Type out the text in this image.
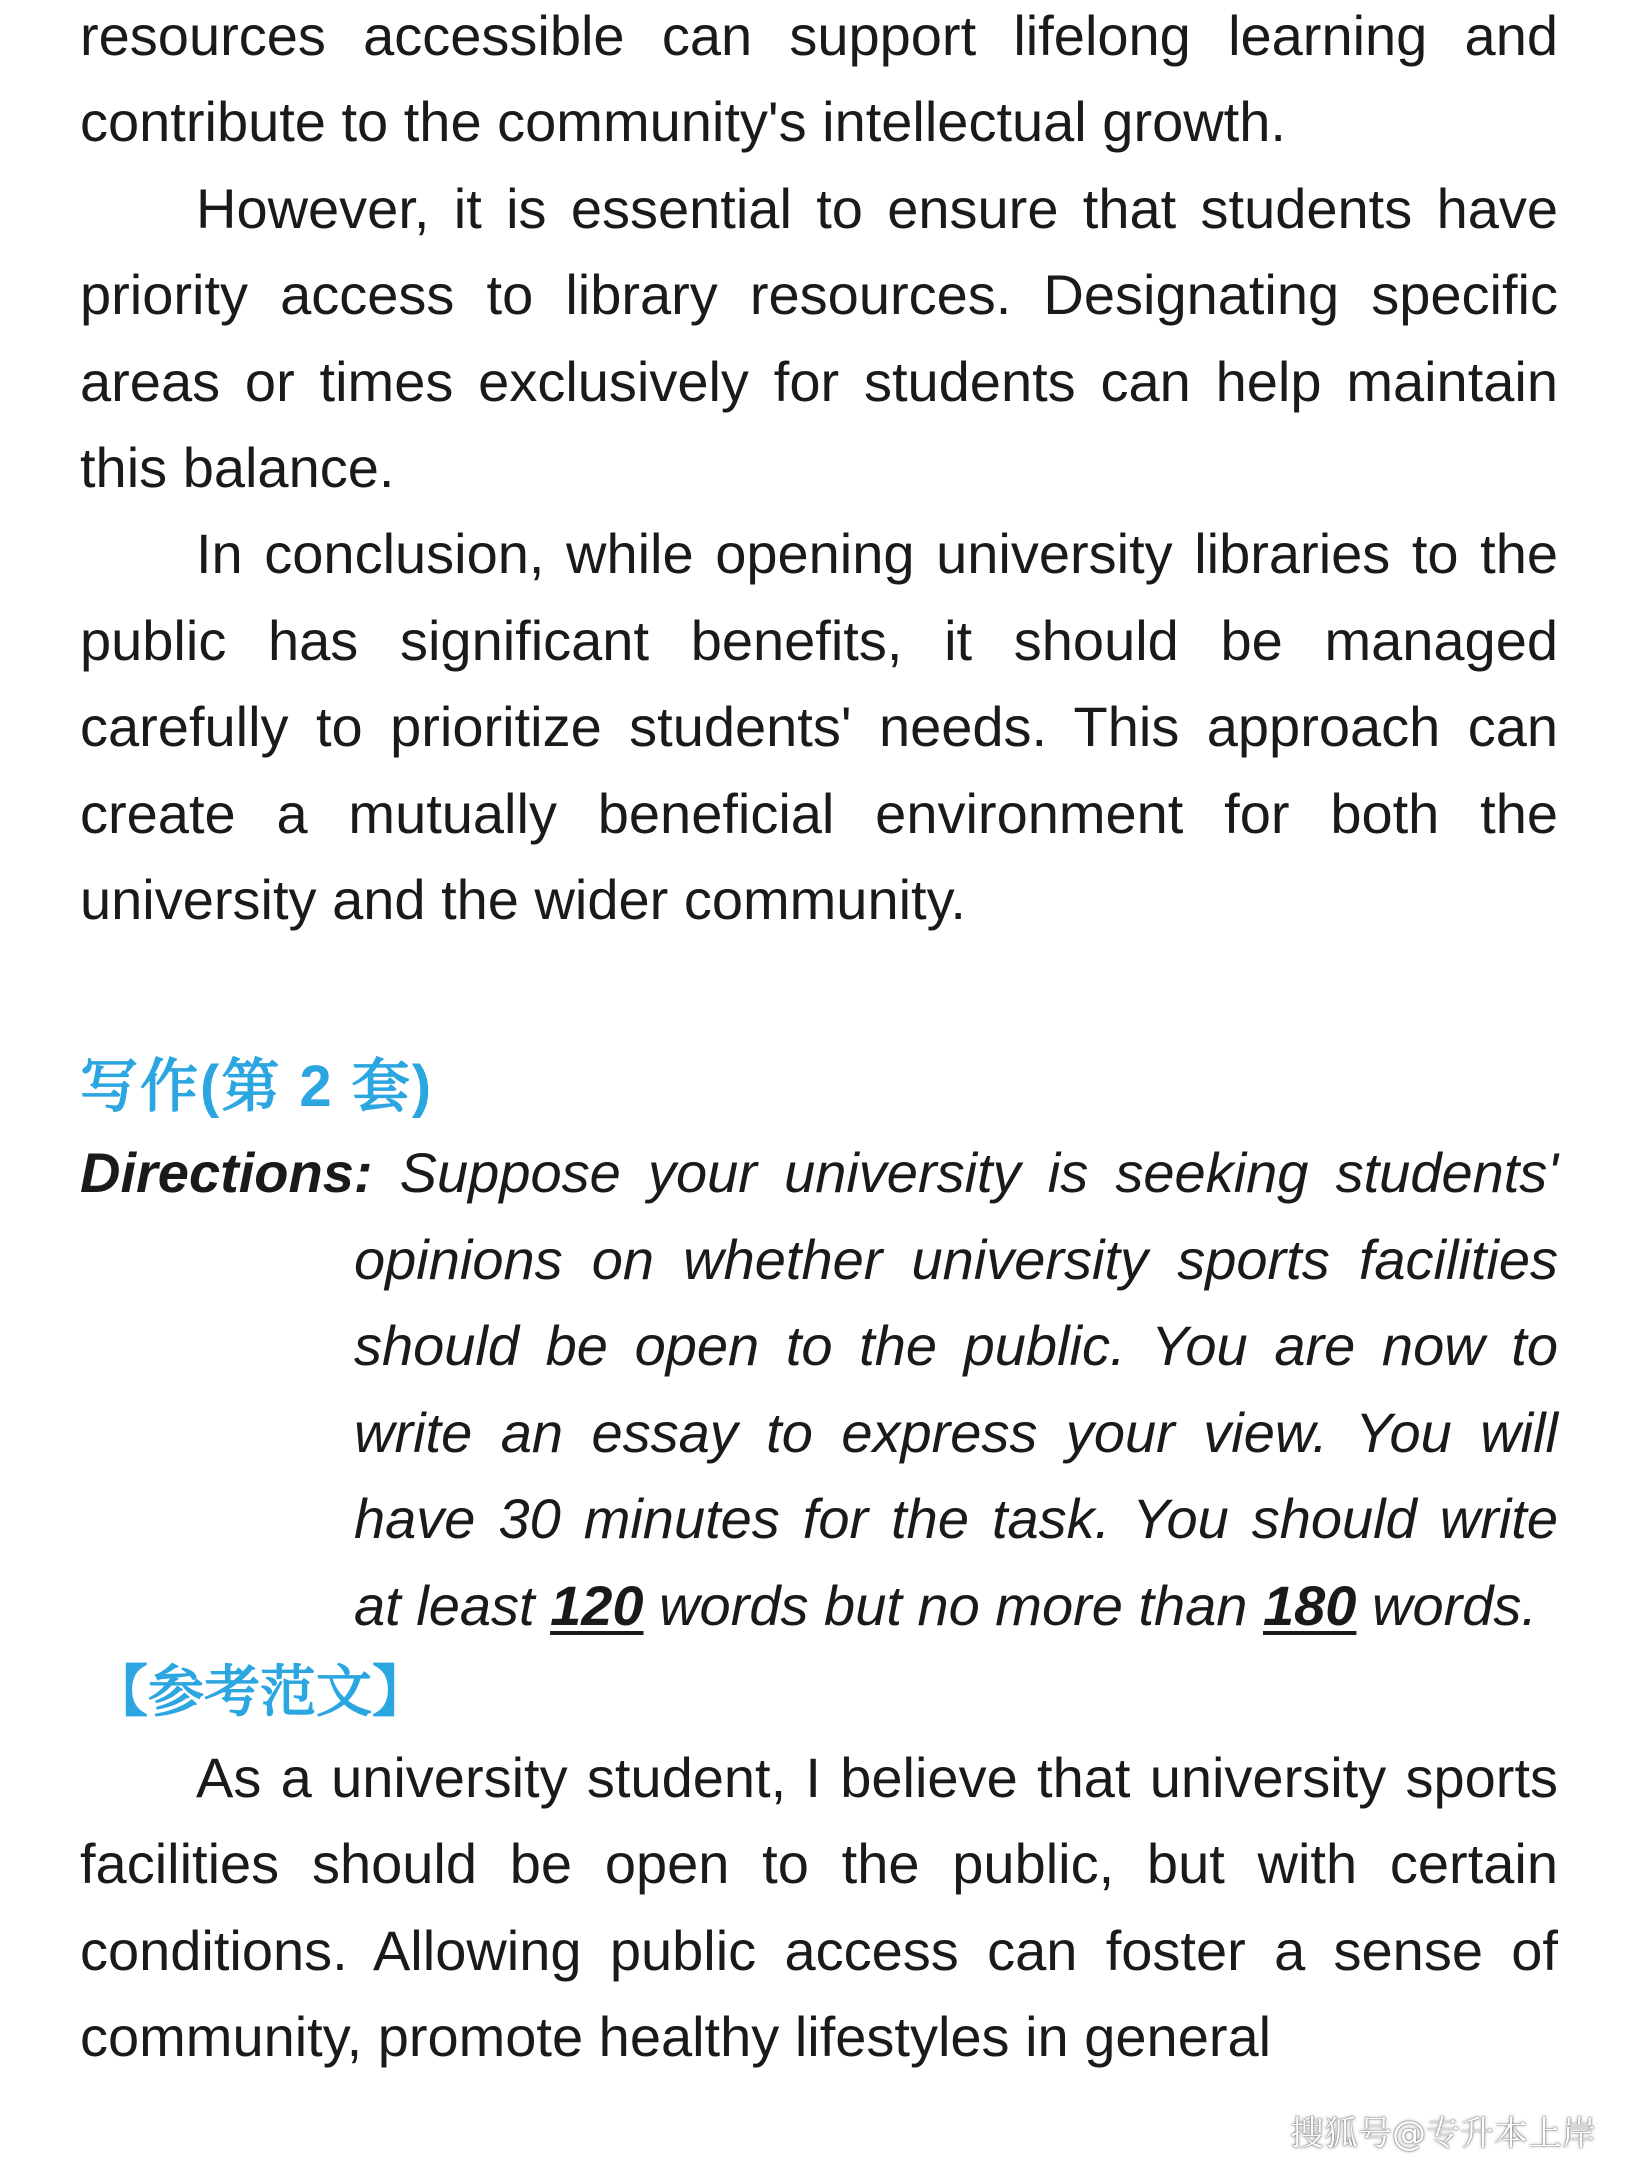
resources accessible can support lifelong learning and contribute to the community's intellectual growth.

However, it is essential to ensure that students have priority access to library resources. Designating specific areas or times exclusively for students can help maintain this balance.

In conclusion, while opening university libraries to the public has significant benefits, it should be managed carefully to prioritize students' needs. This approach can create a mutually beneficial environment for both the university and the wider community.

写作(第 2 套)

Directions: Suppose your university is seeking students' opinions on whether university sports facilities should be open to the public. You are now to write an essay to express your view. You will have 30 minutes for the task. You should write at least 120 words but no more than 180 words.

【参考范文】

As a university student, I believe that university sports facilities should be open to the public, but with certain conditions. Allowing public access can foster a sense of community, promote healthy lifestyles in general

搜狐号@专升本上岸
